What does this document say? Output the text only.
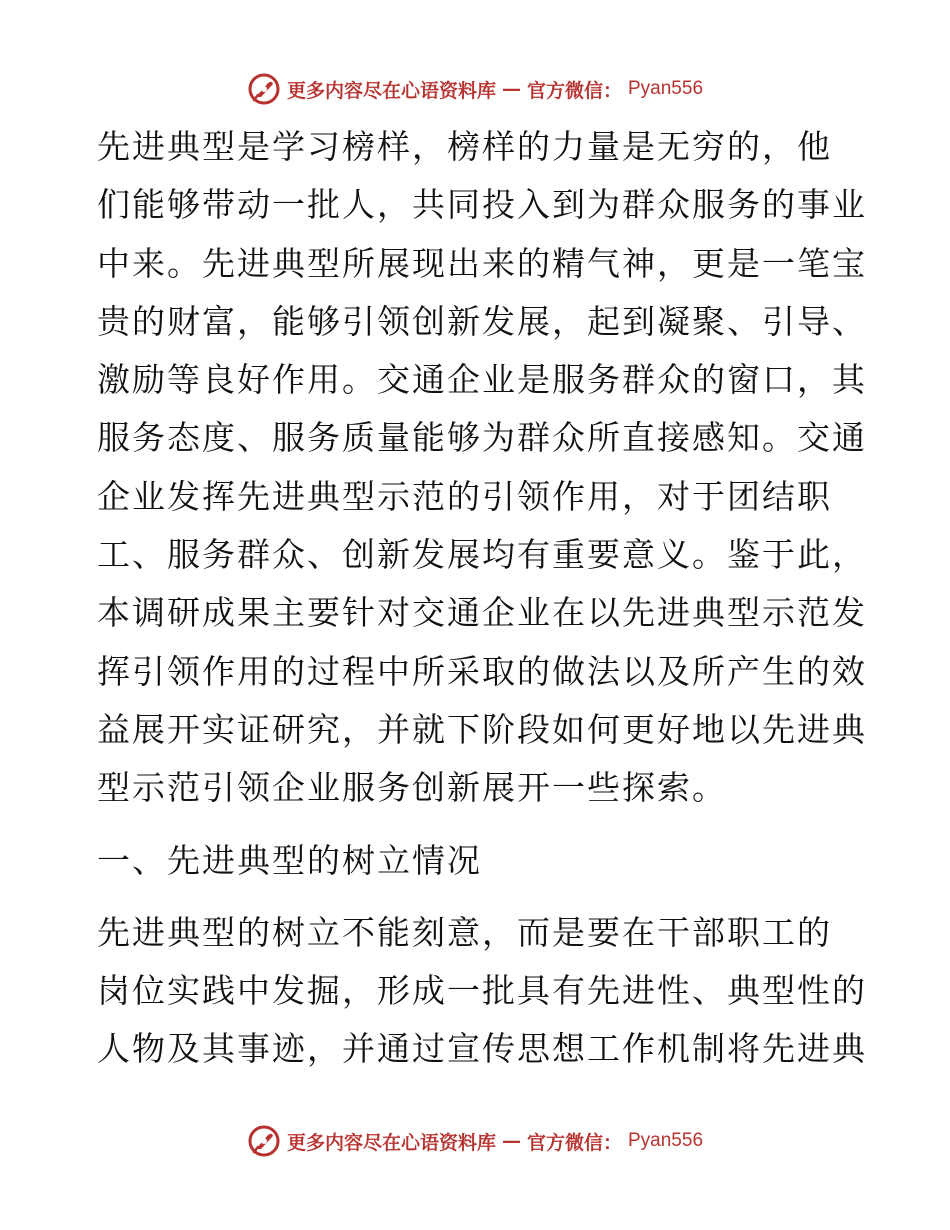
更多内容尽在心语资料库 — 官方微信： Pyan556

先进典型是学习榜样，榜样的力量是无穷的，他

们能够带动一批人，共同投入到为群众服务的事业

中来。先进典型所展现出来的精气神，更是一笔宝

贵的财富，能够引领创新发展，起到凝聚、引导、

激励等良好作用。交通企业是服务群众的窗口，其

服务态度、服务质量能够为群众所直接感知。交通

企业发挥先进典型示范的引领作用，对于团结职

工、服务群众、创新发展均有重要意义。鉴于此，

本调研成果主要针对交通企业在以先进典型示范发

挥引领作用的过程中所采取的做法以及所产生的效

益展开实证研究，并就下阶段如何更好地以先进典

型示范引领企业服务创新展开一些探索。

一、先进典型的树立情况

先进典型的树立不能刻意，而是要在干部职工的

岗位实践中发掘，形成一批具有先进性、典型性的

人物及其事迹，并通过宣传思想工作机制将先进典

更多内容尽在心语资料库 — 官方微信： Pyan556
